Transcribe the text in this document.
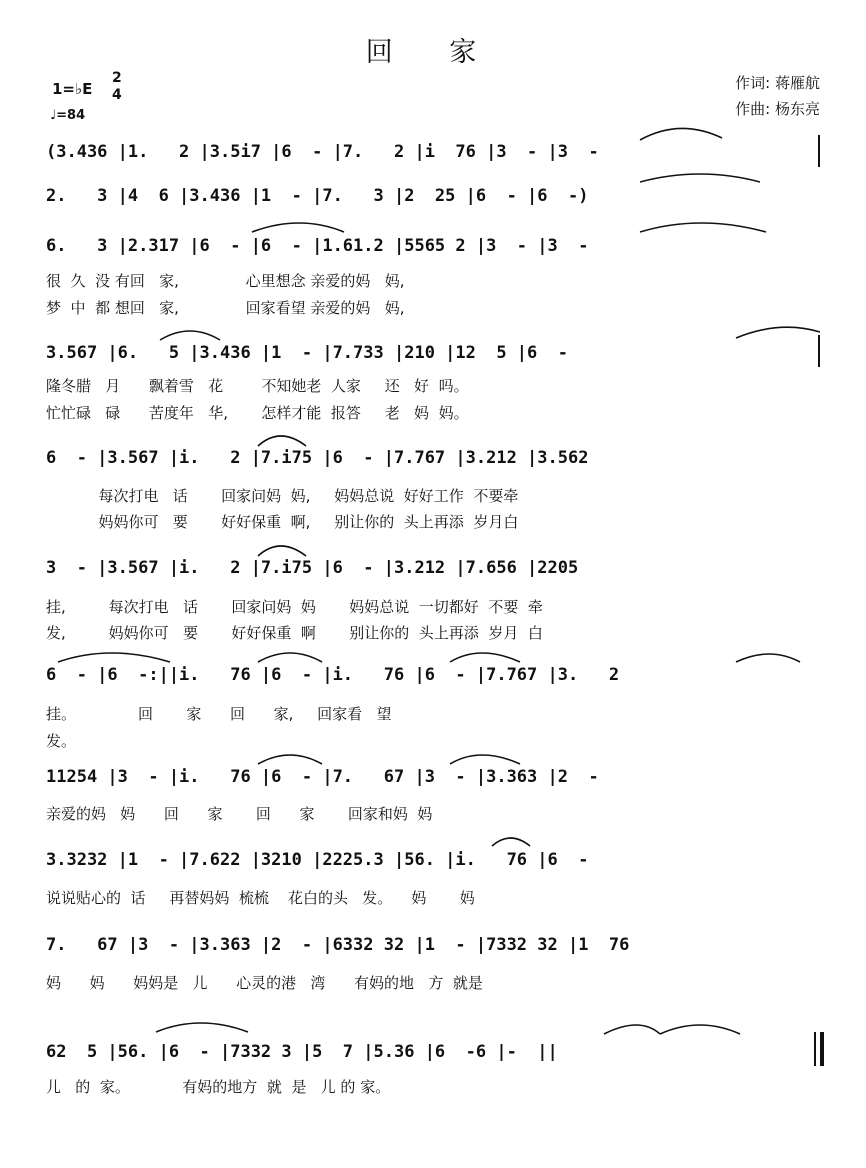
回 家
1=♭E
2
4
♩=84
作词: 蒋雁航
作曲: 杨东亮
(3.436 |1.   2 |3.5i7 |6  - |7.   2 |i  76 |3  - |3  -
2.   3 |4  6 |3.436 |1  - |7.   3 |2  25 |6  - |6  -)
6.   3 |2.317 |6  - |6  - |1.61.2 |5565 2 |3  - |3  -
很  久  没 有回   家,              心里想念 亲爱的妈   妈,
梦  中  都 想回   家,              回家看望 亲爱的妈   妈,
3.567 |6.   5 |3.436 |1  - |7.733 |210 |12  5 |6  -
隆冬腊   月      飘着雪   花        不知她老  人家     还   好  吗。
忙忙碌   碌      苦度年   华,       怎样才能  报答     老   妈  妈。
6  - |3.567 |i.   2 |7.i75 |6  - |7.767 |3.212 |3.562
每次打电   话       回家问妈  妈,     妈妈总说  好好工作  不要牵
妈妈你可   要       好好保重  啊,     别让你的  头上再添  岁月白
3  - |3.567 |i.   2 |7.i75 |6  - |3.212 |7.656 |2205
挂,         每次打电   话       回家问妈  妈       妈妈总说  一切都好  不要  牵
发,         妈妈你可   要       好好保重  啊       别让你的  头上再添  岁月  白
6  - |6  -:||i.   76 |6  - |i.   76 |6  - |7.767 |3.   2
挂。             回       家      回      家,     回家看   望
发。
11254 |3  - |i.   76 |6  - |7.   67 |3  - |3.363 |2  -
亲爱的妈   妈      回      家       回      家       回家和妈  妈
3.3232 |1  - |7.622 |3210 |2225.3 |56. |i.   76 |6  -
说说贴心的  话     再替妈妈  梳梳    花白的头   发。    妈       妈
7.   67 |3  - |3.363 |2  - |6332 32 |1  - |7332 32 |1  76
妈      妈      妈妈是   儿      心灵的港   湾      有妈的地   方  就是
62  5 |56. |6  - |7332 3 |5  7 |5.36 |6  -6 |-  ||
儿   的  家。           有妈的地方  就  是   儿 的 家。
